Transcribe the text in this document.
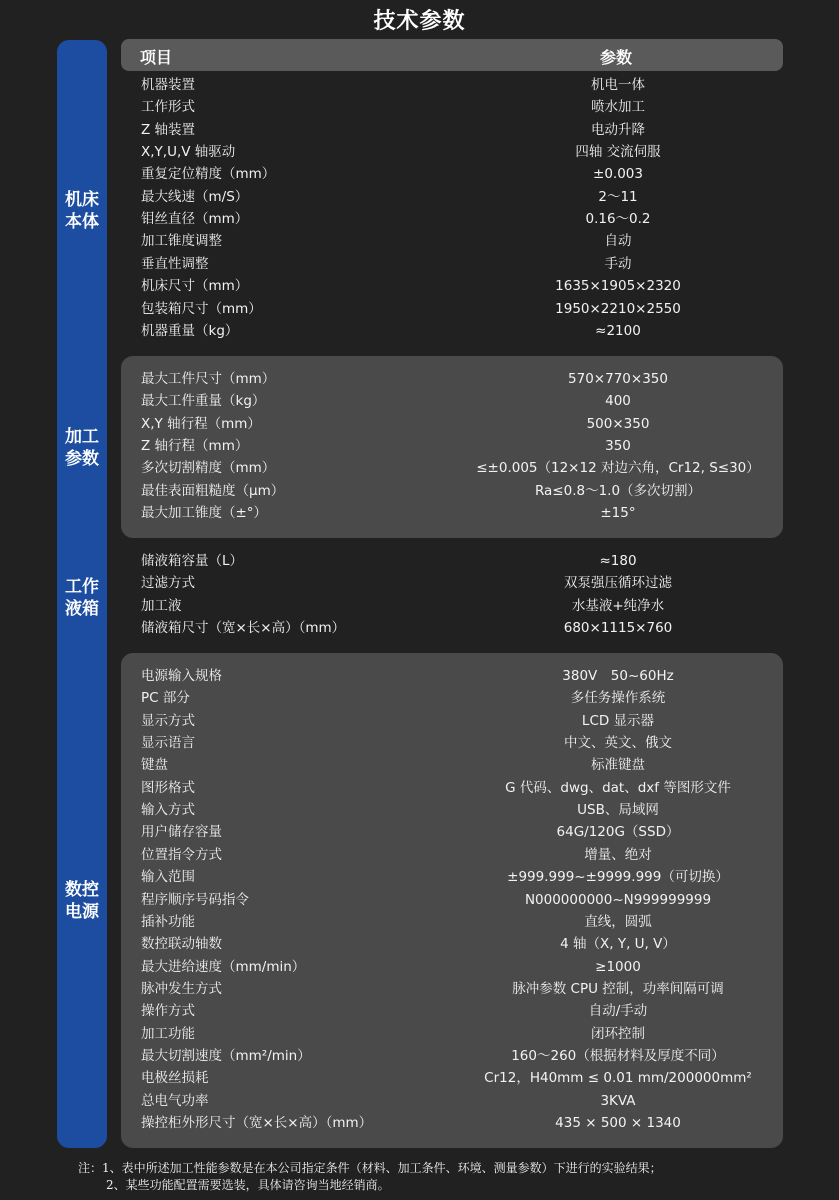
技术参数
项目	参数
机床
本体
加工
参数
工作
液箱
数控
电源
机器装置	机电一体
工作形式	喷水加工
Z 轴装置	电动升降
X,Y,U,V 轴驱动	四轴 交流伺服
重复定位精度（mm）	±0.003
最大线速（m/S）	2～11
钼丝直径（mm）	0.16～0.2
加工锥度调整	自动
垂直性调整	手动
机床尺寸（mm）	1635×1905×2320
包装箱尺寸（mm）	1950×2210×2550
机器重量（kg）	≈2100
最大工件尺寸（mm）	570×770×350
最大工件重量（kg）	400
X,Y 轴行程（mm）	500×350
Z 轴行程（mm）	350
多次切割精度（mm）	≤±0.005（12×12 对边六角，Cr12, S≤30）
最佳表面粗糙度（μm）	Ra≤0.8～1.0（多次切割）
最大加工锥度（±°）	±15°
储液箱容量（L）	≈180
过滤方式	双泵强压循环过滤
加工液	水基液+纯净水
储液箱尺寸（宽×长×高）（mm）	680×1115×760
电源输入规格	380V　50~60Hz
PC 部分	多任务操作系统
显示方式	LCD 显示器
显示语言	中文、英文、俄文
键盘	标准键盘
图形格式	G 代码、dwg、dat、dxf 等图形文件
输入方式	USB、局域网
用户储存容量	64G/120G（SSD）
位置指令方式	增量、绝对
输入范围	±999.999~±9999.999（可切换）
程序顺序号码指令	N000000000~N999999999
插补功能	直线，圆弧
数控联动轴数	4 轴（X, Y, U, V）
最大进给速度（mm/min）	≥1000
脉冲发生方式	脉冲参数 CPU 控制，功率间隔可调
操作方式	自动/手动
加工功能	闭环控制
最大切割速度（mm²/min）	160～260（根据材料及厚度不同）
电极丝损耗	Cr12，H40mm ≤ 0.01 mm/200000mm²
总电气功率	3KVA
操控柜外形尺寸（宽×长×高）（mm）	435 × 500 × 1340
注：1、表中所述加工性能参数是在本公司指定条件（材料、加工条件、环境、测量参数）下进行的实验结果；
2、某些功能配置需要选装，具体请咨询当地经销商。
